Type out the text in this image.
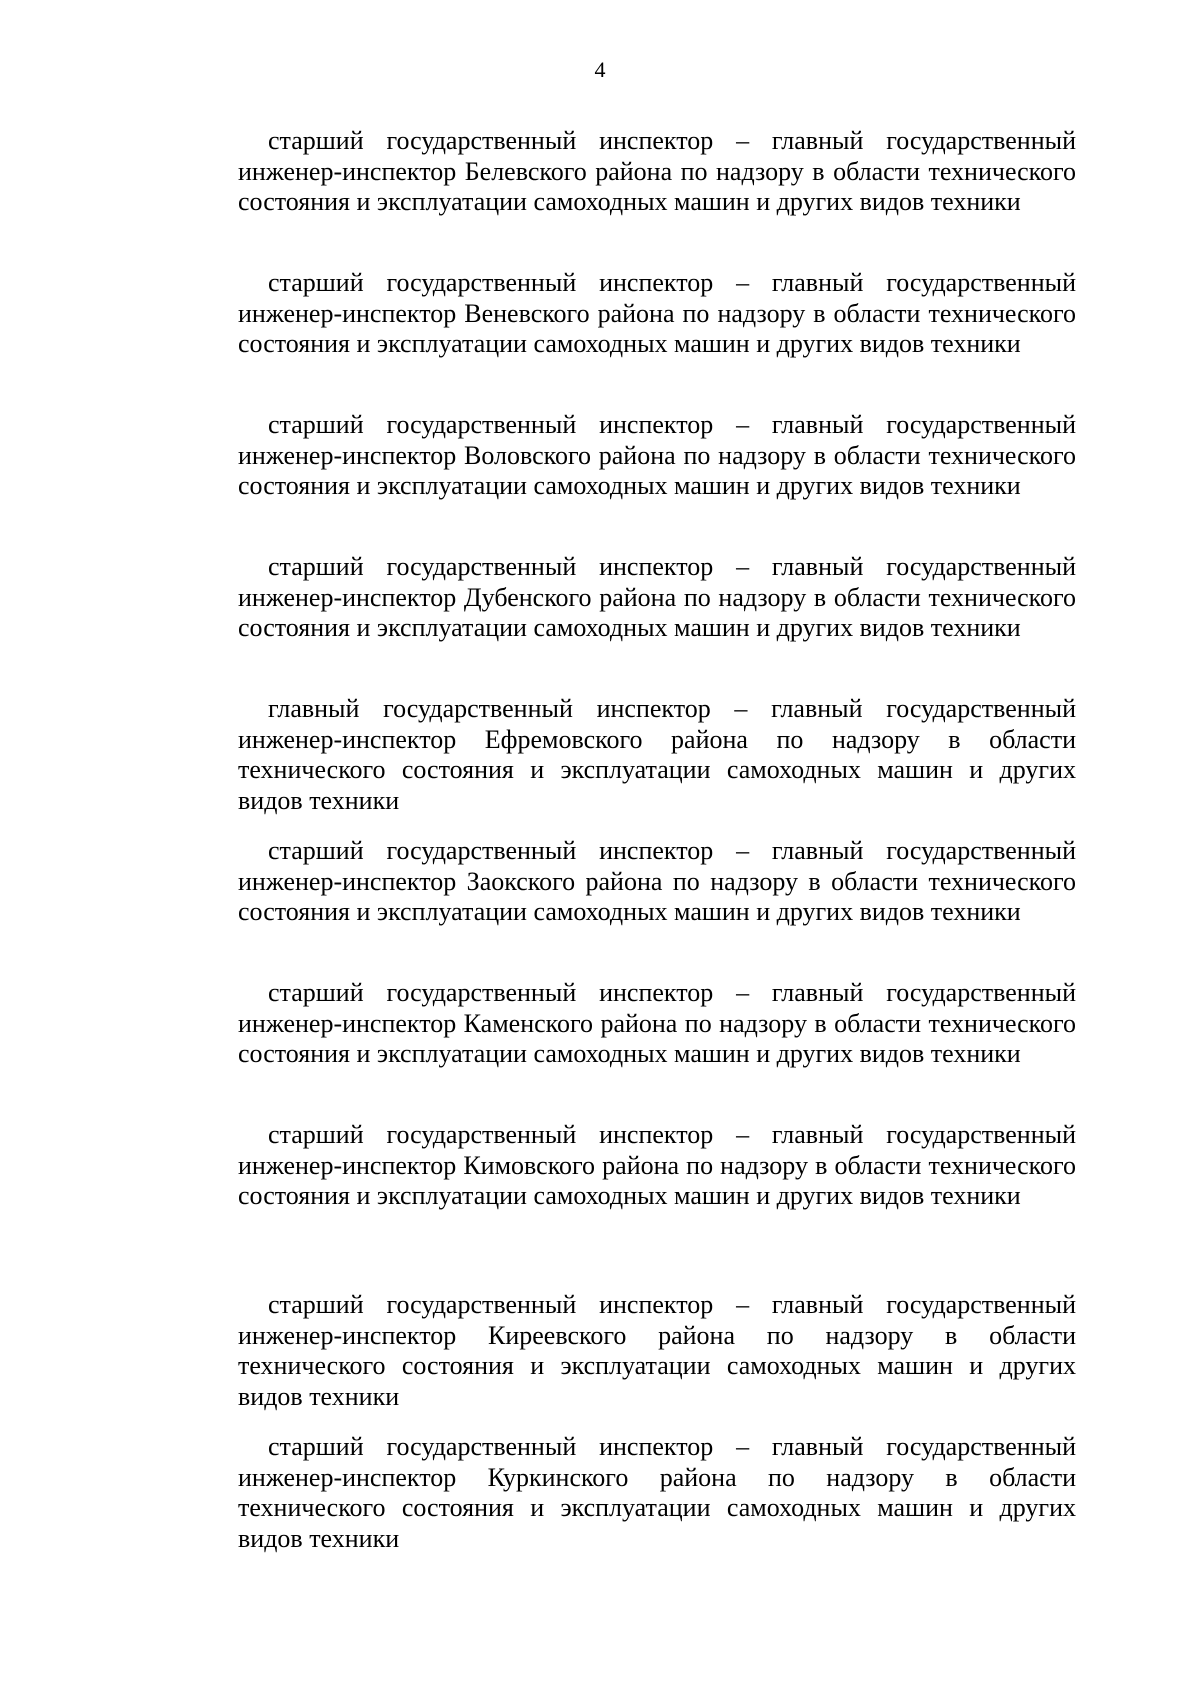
4

старший государственный инспектор – главный государственный инженер-инспектор Белевского района по надзору в области технического состояния и эксплуатации самоходных машин и других видов техники

старший государственный инспектор – главный государственный инженер-инспектор Веневского района по надзору в области технического состояния и эксплуатации самоходных машин и других видов техники

старший государственный инспектор – главный государственный инженер-инспектор Воловского района по надзору в области технического состояния и эксплуатации самоходных машин и других видов техники

старший государственный инспектор – главный государственный инженер-инспектор Дубенского района по надзору в области технического состояния и эксплуатации самоходных машин и других видов техники

главный государственный инспектор – главный государственный инженер-инспектор Ефремовского района по надзору в области технического состояния и эксплуатации самоходных машин и других видов техники

старший государственный инспектор – главный государственный инженер-инспектор Заокского района по надзору в области технического состояния и эксплуатации самоходных машин и других видов техники

старший государственный инспектор – главный государственный инженер-инспектор Каменского района по надзору в области технического состояния и эксплуатации самоходных машин и других видов техники

старший государственный инспектор – главный государственный инженер-инспектор Кимовского района по надзору в области технического состояния и эксплуатации самоходных машин и других видов техники

старший государственный инспектор – главный государственный инженер-инспектор Киреевского района по надзору в области технического состояния и эксплуатации самоходных машин и других видов техники

старший государственный инспектор – главный государственный инженер-инспектор Куркинского района по надзору в области технического состояния и эксплуатации самоходных машин и других видов техники
